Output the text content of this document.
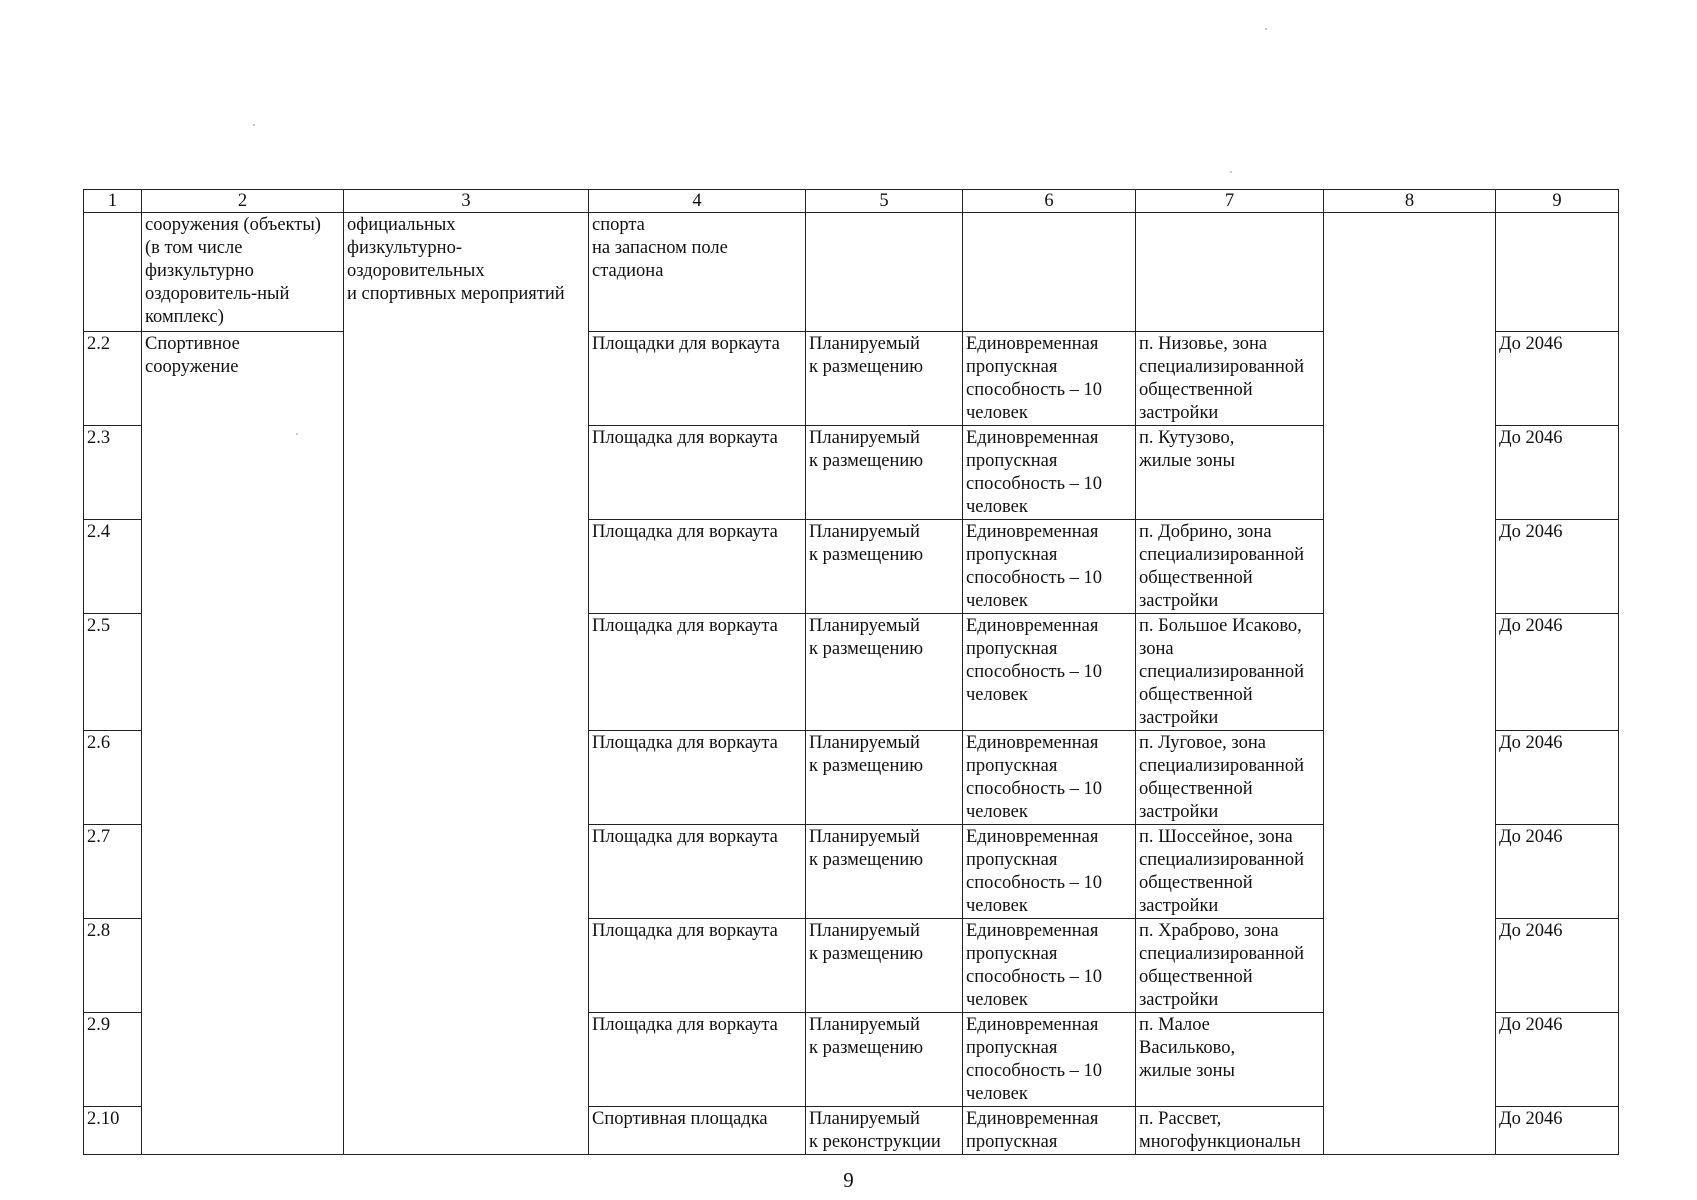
1	2	3	4	5	6	7	8	9
	сооружения (объекты)
(в том числе
физкультурно
оздоровитель-ный
комплекс)	официальных
физкультурно-
оздоровительных
и спортивных мероприятий	спорта
на запасном поле
стадиона					
2.2	Спортивное
сооружение		Площадки для воркаута	Планируемый
к размещению	Единовременная
пропускная
способность – 10
человек	п. Низовье, зона
специализированной
общественной
застройки		До 2046
2.3			Площадка для воркаута	Планируемый
к размещению	Единовременная
пропускная
способность – 10
человек	п. Кутузово,
жилые зоны		До 2046
2.4			Площадка для воркаута	Планируемый
к размещению	Единовременная
пропускная
способность – 10
человек	п. Добрино, зона
специализированной
общественной
застройки		До 2046
2.5			Площадка для воркаута	Планируемый
к размещению	Единовременная
пропускная
способность – 10
человек	п. Большое Исаково,
зона
специализированной
общественной
застройки		До 2046
2.6			Площадка для воркаута	Планируемый
к размещению	Единовременная
пропускная
способность – 10
человек	п. Луговое, зона
специализированной
общественной
застройки		До 2046
2.7			Площадка для воркаута	Планируемый
к размещению	Единовременная
пропускная
способность – 10
человек	п. Шоссейное, зона
специализированной
общественной
застройки		До 2046
2.8			Площадка для воркаута	Планируемый
к размещению	Единовременная
пропускная
способность – 10
человек	п. Храброво, зона
специализированной
общественной
застройки		До 2046
2.9			Площадка для воркаута	Планируемый
к размещению	Единовременная
пропускная
способность – 10
человек	п. Малое
Васильково,
жилые зоны		До 2046
2.10			Спортивная площадка	Планируемый
к реконструкции	Единовременная
пропускная	п. Рассвет,
многофункциональн		До 2046
9
